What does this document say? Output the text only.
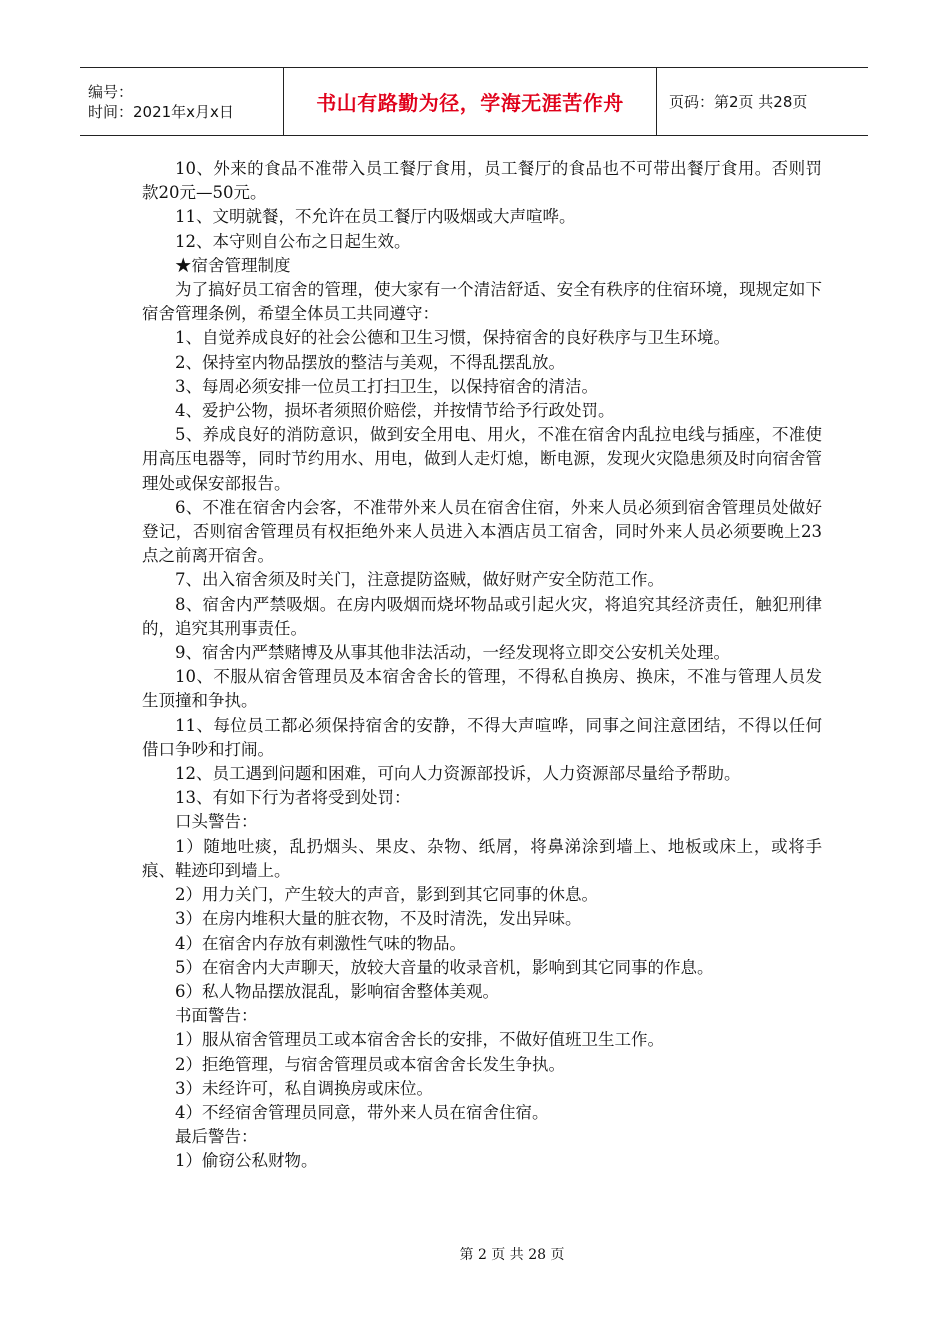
编号：
时间：2021年x月x日	书山有路勤为径，学海无涯苦作舟	页码：第2页 共28页

10、外来的食品不准带入员工餐厅食用，员工餐厅的食品也不可带出餐厅食用。否则罚款20元—50元。

11、文明就餐，不允许在员工餐厅内吸烟或大声喧哗。

12、本守则自公布之日起生效。

★宿舍管理制度

为了搞好员工宿舍的管理，使大家有一个清洁舒适、安全有秩序的住宿环境，现规定如下宿舍管理条例，希望全体员工共同遵守：

1、自觉养成良好的社会公德和卫生习惯，保持宿舍的良好秩序与卫生环境。

2、保持室内物品摆放的整洁与美观，不得乱摆乱放。

3、每周必须安排一位员工打扫卫生，以保持宿舍的清洁。

4、爱护公物，损坏者须照价赔偿，并按情节给予行政处罚。

5、养成良好的消防意识，做到安全用电、用火，不准在宿舍内乱拉电线与插座，不准使用高压电器等，同时节约用水、用电，做到人走灯熄，断电源，发现火灾隐患须及时向宿舍管理处或保安部报告。

6、不准在宿舍内会客，不准带外来人员在宿舍住宿，外来人员必须到宿舍管理员处做好登记，否则宿舍管理员有权拒绝外来人员进入本酒店员工宿舍，同时外来人员必须要晚上23点之前离开宿舍。

7、出入宿舍须及时关门，注意提防盗贼，做好财产安全防范工作。

8、宿舍内严禁吸烟。在房内吸烟而烧坏物品或引起火灾，将追究其经济责任，触犯刑律的，追究其刑事责任。

9、宿舍内严禁赌博及从事其他非法活动，一经发现将立即交公安机关处理。

10、不服从宿舍管理员及本宿舍舍长的管理，不得私自换房、换床，不准与管理人员发生顶撞和争执。

11、每位员工都必须保持宿舍的安静，不得大声喧哗，同事之间注意团结，不得以任何借口争吵和打闹。

12、员工遇到问题和困难，可向人力资源部投诉，人力资源部尽量给予帮助。

13、有如下行为者将受到处罚：

口头警告：

1）随地吐痰，乱扔烟头、果皮、杂物、纸屑，将鼻涕涂到墙上、地板或床上，或将手痕、鞋迹印到墙上。

2）用力关门，产生较大的声音，影到到其它同事的休息。

3）在房内堆积大量的脏衣物，不及时清洗，发出异味。

4）在宿舍内存放有刺激性气味的物品。

5）在宿舍内大声聊天，放较大音量的收录音机，影响到其它同事的作息。

6）私人物品摆放混乱，影响宿舍整体美观。

书面警告：

1）服从宿舍管理员工或本宿舍舍长的安排，不做好值班卫生工作。

2）拒绝管理，与宿舍管理员或本宿舍舍长发生争执。

3）未经许可，私自调换房或床位。

4）不经宿舍管理员同意，带外来人员在宿舍住宿。

最后警告：

1）偷窃公私财物。

第 2 页 共 28 页
